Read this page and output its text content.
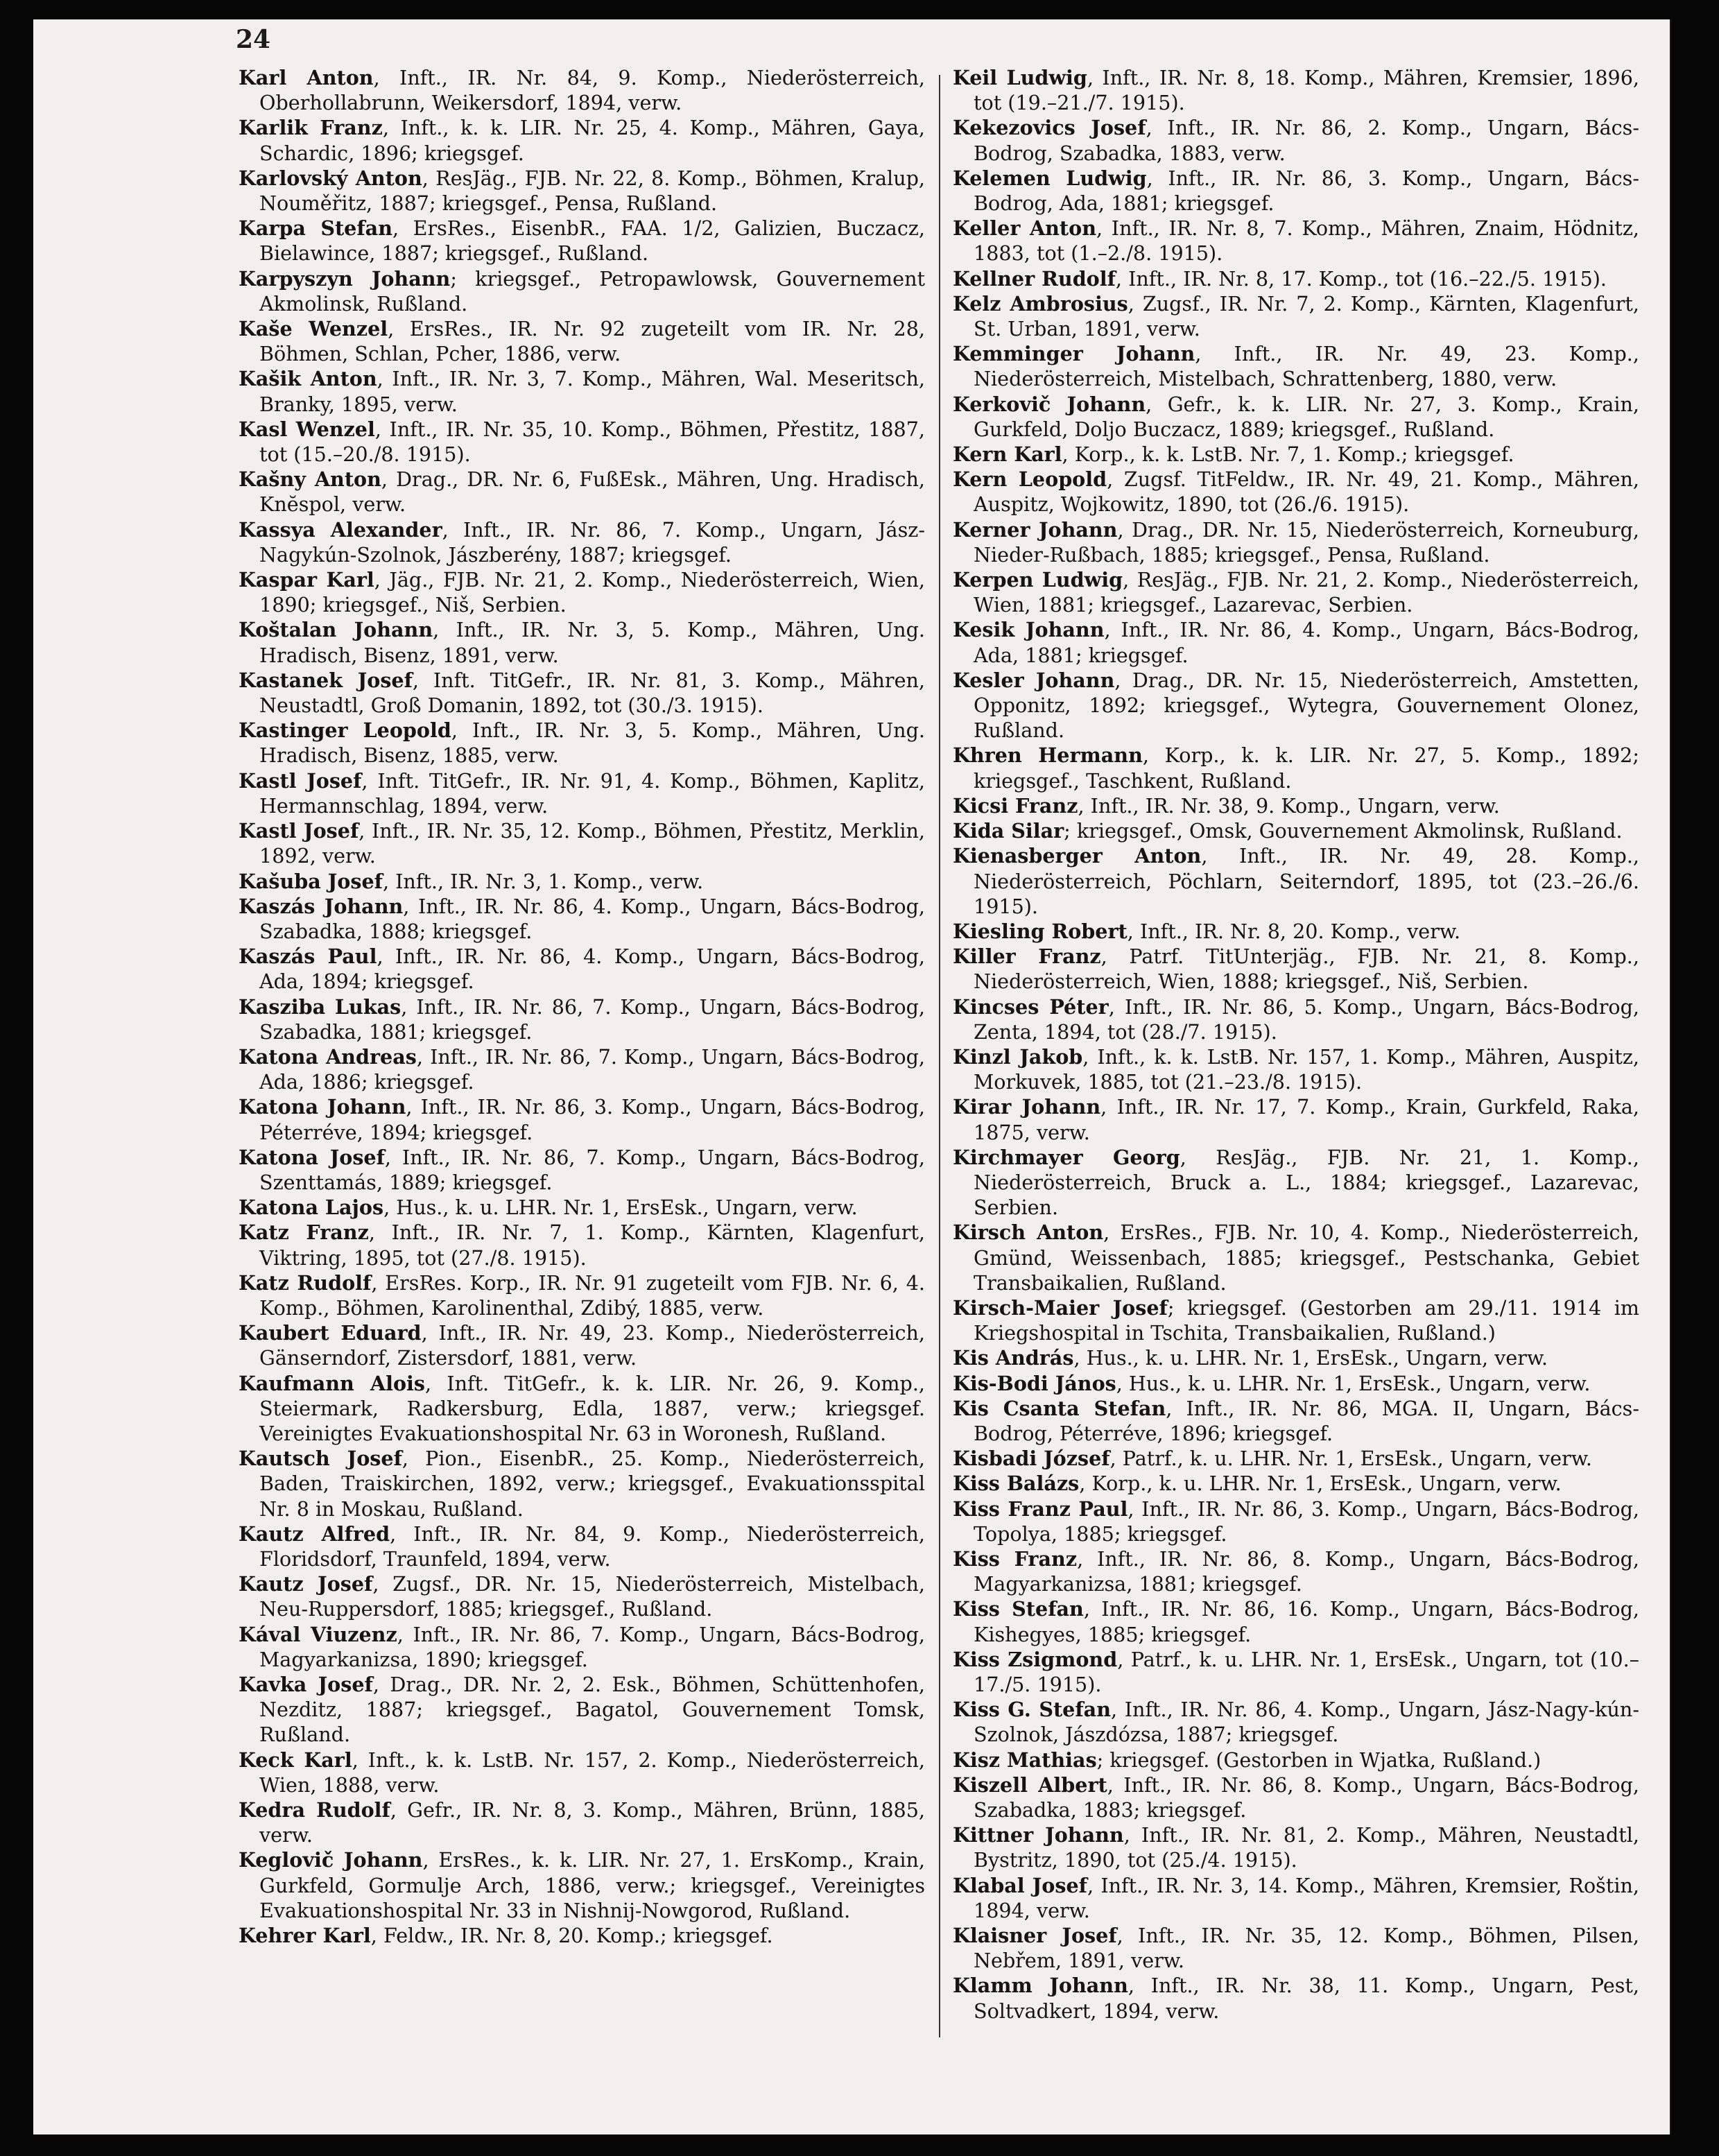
24

Karl Anton, Inft., IR. Nr. 84, 9. Komp., Niederösterreich, Oberhollabrunn, Weikersdorf, 1894, verw.

Karlik Franz, Inft., k. k. LIR. Nr. 25, 4. Komp., Mähren, Gaya, Schardic, 1896; kriegsgef.

Karlovský Anton, ResJäg., FJB. Nr. 22, 8. Komp., Böhmen, Kralup, Nouměřitz, 1887; kriegsgef., Pensa, Rußland.

Karpa Stefan, ErsRes., EisenbR., FAA. 1/2, Galizien, Buczacz, Bielawince, 1887; kriegsgef., Rußland.

Karpyszyn Johann; kriegsgef., Petropawlowsk, Gouvernement Akmolinsk, Rußland.

Kaše Wenzel, ErsRes., IR. Nr. 92 zugeteilt vom IR. Nr. 28, Böhmen, Schlan, Pcher, 1886, verw.

Kašik Anton, Inft., IR. Nr. 3, 7. Komp., Mähren, Wal. Meseritsch, Branky, 1895, verw.

Kasl Wenzel, Inft., IR. Nr. 35, 10. Komp., Böhmen, Přestitz, 1887, tot (15.–20./8. 1915).

Kašny Anton, Drag., DR. Nr. 6, FußEsk., Mähren, Ung. Hradisch, Knĕspol, verw.

Kassya Alexander, Inft., IR. Nr. 86, 7. Komp., Ungarn, Jász-Nagykún-Szolnok, Jászberény, 1887; kriegsgef.

Kaspar Karl, Jäg., FJB. Nr. 21, 2. Komp., Niederösterreich, Wien, 1890; kriegsgef., Niš, Serbien.

Koštalan Johann, Inft., IR. Nr. 3, 5. Komp., Mähren, Ung. Hradisch, Bisenz, 1891, verw.

Kastanek Josef, Inft. TitGefr., IR. Nr. 81, 3. Komp., Mähren, Neustadtl, Groß Domanin, 1892, tot (30./3. 1915).

Kastinger Leopold, Inft., IR. Nr. 3, 5. Komp., Mähren, Ung. Hradisch, Bisenz, 1885, verw.

Kastl Josef, Inft. TitGefr., IR. Nr. 91, 4. Komp., Böhmen, Kaplitz, Hermannschlag, 1894, verw.

Kastl Josef, Inft., IR. Nr. 35, 12. Komp., Böhmen, Přestitz, Merklin, 1892, verw.

Kašuba Josef, Inft., IR. Nr. 3, 1. Komp., verw.

Kaszás Johann, Inft., IR. Nr. 86, 4. Komp., Ungarn, Bács-Bodrog, Szabadka, 1888; kriegsgef.

Kaszás Paul, Inft., IR. Nr. 86, 4. Komp., Ungarn, Bács-Bodrog, Ada, 1894; kriegsgef.

Kasziba Lukas, Inft., IR. Nr. 86, 7. Komp., Ungarn, Bács-Bodrog, Szabadka, 1881; kriegsgef.

Katona Andreas, Inft., IR. Nr. 86, 7. Komp., Ungarn, Bács-Bodrog, Ada, 1886; kriegsgef.

Katona Johann, Inft., IR. Nr. 86, 3. Komp., Ungarn, Bács-Bodrog, Péterréve, 1894; kriegsgef.

Katona Josef, Inft., IR. Nr. 86, 7. Komp., Ungarn, Bács-Bodrog, Szenttamás, 1889; kriegsgef.

Katona Lajos, Hus., k. u. LHR. Nr. 1, ErsEsk., Ungarn, verw.

Katz Franz, Inft., IR. Nr. 7, 1. Komp., Kärnten, Klagenfurt, Viktring, 1895, tot (27./8. 1915).

Katz Rudolf, ErsRes. Korp., IR. Nr. 91 zugeteilt vom FJB. Nr. 6, 4. Komp., Böhmen, Karolinenthal, Zdibý, 1885, verw.

Kaubert Eduard, Inft., IR. Nr. 49, 23. Komp., Niederösterreich, Gänserndorf, Zistersdorf, 1881, verw.

Kaufmann Alois, Inft. TitGefr., k. k. LIR. Nr. 26, 9. Komp., Steiermark, Radkersburg, Edla, 1887, verw.; kriegsgef. Vereinigtes Evakuationshospital Nr. 63 in Woronesh, Rußland.

Kautsch Josef, Pion., EisenbR., 25. Komp., Niederösterreich, Baden, Traiskirchen, 1892, verw.; kriegsgef., Evakuationsspital Nr. 8 in Moskau, Rußland.

Kautz Alfred, Inft., IR. Nr. 84, 9. Komp., Niederösterreich, Floridsdorf, Traunfeld, 1894, verw.

Kautz Josef, Zugsf., DR. Nr. 15, Niederösterreich, Mistelbach, Neu-Ruppersdorf, 1885; kriegsgef., Rußland.

Kával Viuzenz, Inft., IR. Nr. 86, 7. Komp., Ungarn, Bács-Bodrog, Magyarkanizsa, 1890; kriegsgef.

Kavka Josef, Drag., DR. Nr. 2, 2. Esk., Böhmen, Schüttenhofen, Nezditz, 1887; kriegsgef., Bagatol, Gouvernement Tomsk, Rußland.

Keck Karl, Inft., k. k. LstB. Nr. 157, 2. Komp., Niederösterreich, Wien, 1888, verw.

Kedra Rudolf, Gefr., IR. Nr. 8, 3. Komp., Mähren, Brünn, 1885, verw.

Keglovič Johann, ErsRes., k. k. LIR. Nr. 27, 1. ErsKomp., Krain, Gurkfeld, Gormulje Arch, 1886, verw.; kriegsgef., Vereinigtes Evakuationshospital Nr. 33 in Nishnij-Nowgorod, Rußland.

Kehrer Karl, Feldw., IR. Nr. 8, 20. Komp.; kriegsgef.

Keil Ludwig, Inft., IR. Nr. 8, 18. Komp., Mähren, Kremsier, 1896, tot (19.–21./7. 1915).

Kekezovics Josef, Inft., IR. Nr. 86, 2. Komp., Ungarn, Bács-Bodrog, Szabadka, 1883, verw.

Kelemen Ludwig, Inft., IR. Nr. 86, 3. Komp., Ungarn, Bács-Bodrog, Ada, 1881; kriegsgef.

Keller Anton, Inft., IR. Nr. 8, 7. Komp., Mähren, Znaim, Hödnitz, 1883, tot (1.–2./8. 1915).

Kellner Rudolf, Inft., IR. Nr. 8, 17. Komp., tot (16.–22./5. 1915).

Kelz Ambrosius, Zugsf., IR. Nr. 7, 2. Komp., Kärnten, Klagenfurt, St. Urban, 1891, verw.

Kemminger Johann, Inft., IR. Nr. 49, 23. Komp., Niederösterreich, Mistelbach, Schrattenberg, 1880, verw.

Kerkovič Johann, Gefr., k. k. LIR. Nr. 27, 3. Komp., Krain, Gurkfeld, Doljo Buczacz, 1889; kriegsgef., Rußland.

Kern Karl, Korp., k. k. LstB. Nr. 7, 1. Komp.; kriegsgef.

Kern Leopold, Zugsf. TitFeldw., IR. Nr. 49, 21. Komp., Mähren, Auspitz, Wojkowitz, 1890, tot (26./6. 1915).

Kerner Johann, Drag., DR. Nr. 15, Niederösterreich, Korneuburg, Nieder-Rußbach, 1885; kriegsgef., Pensa, Rußland.

Kerpen Ludwig, ResJäg., FJB. Nr. 21, 2. Komp., Niederösterreich, Wien, 1881; kriegsgef., Lazarevac, Serbien.

Kesik Johann, Inft., IR. Nr. 86, 4. Komp., Ungarn, Bács-Bodrog, Ada, 1881; kriegsgef.

Kesler Johann, Drag., DR. Nr. 15, Niederösterreich, Amstetten, Opponitz, 1892; kriegsgef., Wytegra, Gouvernement Olonez, Rußland.

Khren Hermann, Korp., k. k. LIR. Nr. 27, 5. Komp., 1892; kriegsgef., Taschkent, Rußland.

Kicsi Franz, Inft., IR. Nr. 38, 9. Komp., Ungarn, verw.

Kida Silar; kriegsgef., Omsk, Gouvernement Akmolinsk, Rußland.

Kienasberger Anton, Inft., IR. Nr. 49, 28. Komp., Niederösterreich, Pöchlarn, Seiterndorf, 1895, tot (23.–26./6. 1915).

Kiesling Robert, Inft., IR. Nr. 8, 20. Komp., verw.

Killer Franz, Patrf. TitUnterjäg., FJB. Nr. 21, 8. Komp., Niederösterreich, Wien, 1888; kriegsgef., Niš, Serbien.

Kincses Péter, Inft., IR. Nr. 86, 5. Komp., Ungarn, Bács-Bodrog, Zenta, 1894, tot (28./7. 1915).

Kinzl Jakob, Inft., k. k. LstB. Nr. 157, 1. Komp., Mähren, Auspitz, Morkuvek, 1885, tot (21.–23./8. 1915).

Kirar Johann, Inft., IR. Nr. 17, 7. Komp., Krain, Gurkfeld, Raka, 1875, verw.

Kirchmayer Georg, ResJäg., FJB. Nr. 21, 1. Komp., Niederösterreich, Bruck a. L., 1884; kriegsgef., Lazarevac, Serbien.

Kirsch Anton, ErsRes., FJB. Nr. 10, 4. Komp., Niederösterreich, Gmünd, Weissenbach, 1885; kriegsgef., Pestschanka, Gebiet Transbaikalien, Rußland.

Kirsch-Maier Josef; kriegsgef. (Gestorben am 29./11. 1914 im Kriegshospital in Tschita, Transbaikalien, Rußland.)

Kis András, Hus., k. u. LHR. Nr. 1, ErsEsk., Ungarn, verw.

Kis-Bodi János, Hus., k. u. LHR. Nr. 1, ErsEsk., Ungarn, verw.

Kis Csanta Stefan, Inft., IR. Nr. 86, MGA. II, Ungarn, Bács-Bodrog, Péterréve, 1896; kriegsgef.

Kisbadi József, Patrf., k. u. LHR. Nr. 1, ErsEsk., Ungarn, verw.

Kiss Balázs, Korp., k. u. LHR. Nr. 1, ErsEsk., Ungarn, verw.

Kiss Franz Paul, Inft., IR. Nr. 86, 3. Komp., Ungarn, Bács-Bodrog, Topolya, 1885; kriegsgef.

Kiss Franz, Inft., IR. Nr. 86, 8. Komp., Ungarn, Bács-Bodrog, Magyarkanizsa, 1881; kriegsgef.

Kiss Stefan, Inft., IR. Nr. 86, 16. Komp., Ungarn, Bács-Bodrog, Kishegyes, 1885; kriegsgef.

Kiss Zsigmond, Patrf., k. u. LHR. Nr. 1, ErsEsk., Ungarn, tot (10.–17./5. 1915).

Kiss G. Stefan, Inft., IR. Nr. 86, 4. Komp., Ungarn, Jász-Nagy-kún-Szolnok, Jászdózsa, 1887; kriegsgef.

Kisz Mathias; kriegsgef. (Gestorben in Wjatka, Rußland.)

Kiszell Albert, Inft., IR. Nr. 86, 8. Komp., Ungarn, Bács-Bodrog, Szabadka, 1883; kriegsgef.

Kittner Johann, Inft., IR. Nr. 81, 2. Komp., Mähren, Neustadtl, Bystritz, 1890, tot (25./4. 1915).

Klabal Josef, Inft., IR. Nr. 3, 14. Komp., Mähren, Kremsier, Roštin, 1894, verw.

Klaisner Josef, Inft., IR. Nr. 35, 12. Komp., Böhmen, Pilsen, Nebřem, 1891, verw.

Klamm Johann, Inft., IR. Nr. 38, 11. Komp., Ungarn, Pest, Soltvadkert, 1894, verw.
